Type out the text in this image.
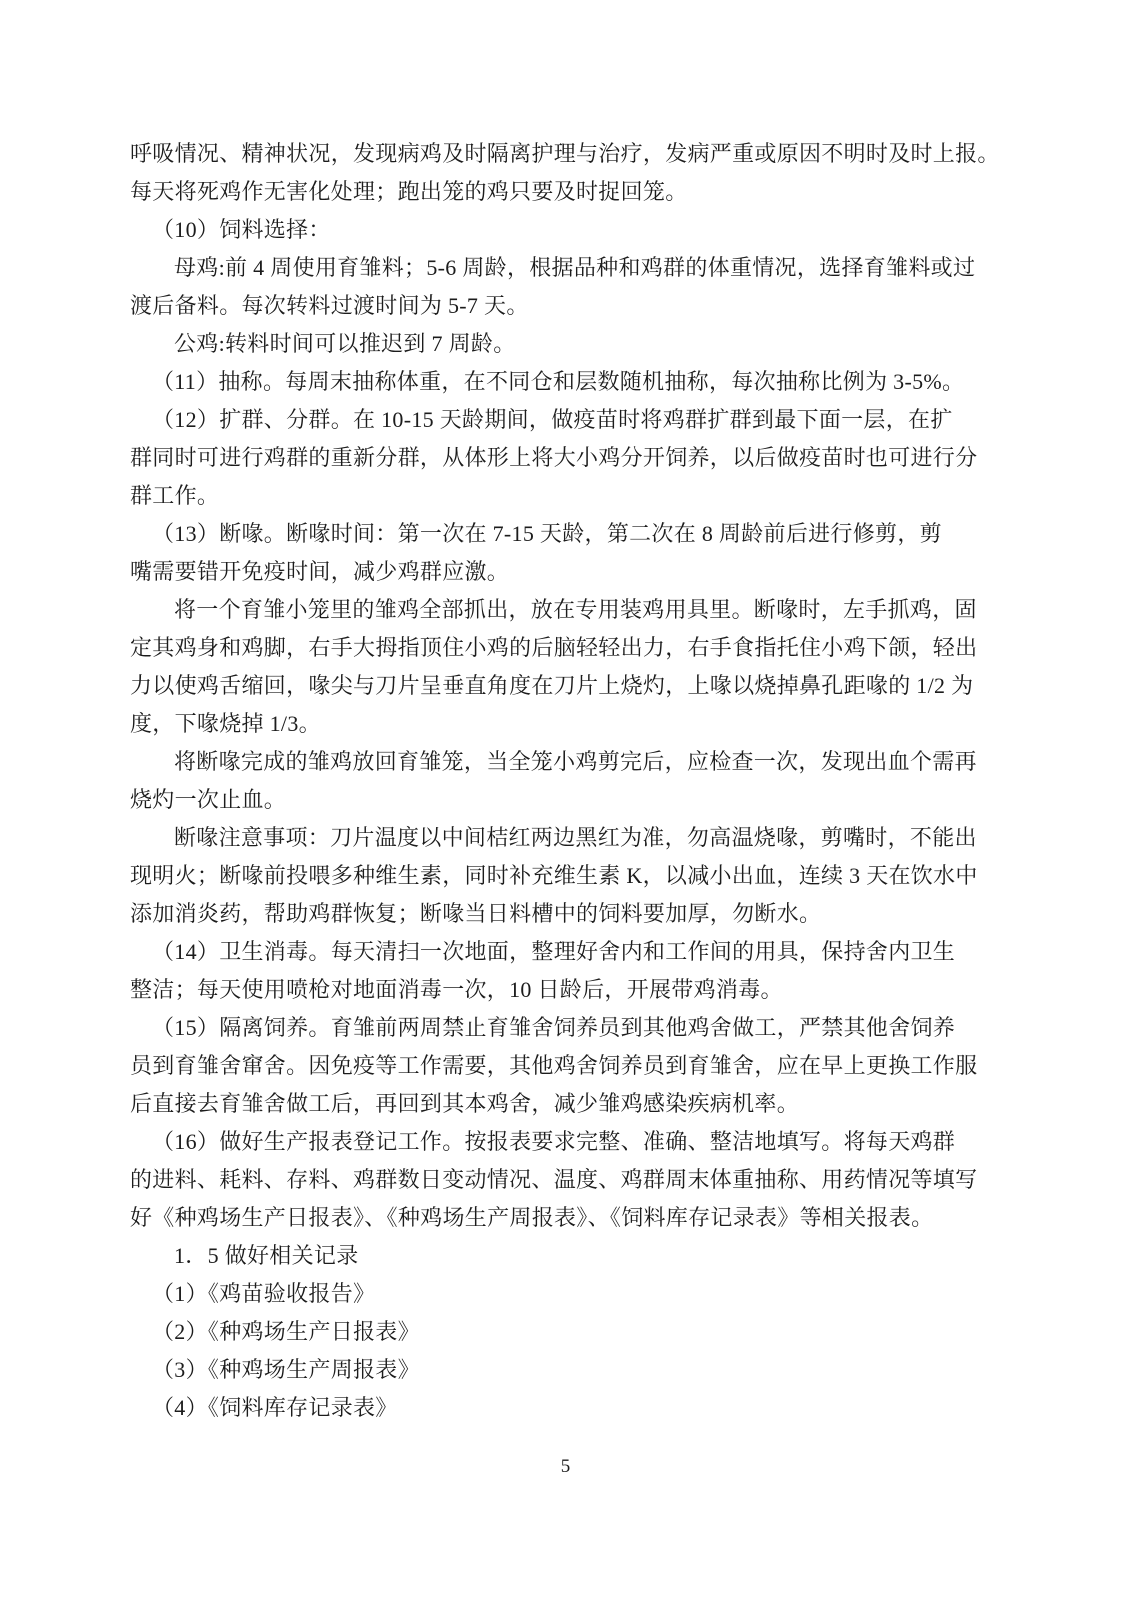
呼吸情况、精神状况，发现病鸡及时隔离护理与治疗，发病严重或原因不明时及时上报。
每天将死鸡作无害化处理；跑出笼的鸡只要及时捉回笼。
（10）饲料选择：
母鸡:前 4 周使用育雏料；5-6 周龄，根据品种和鸡群的体重情况，选择育雏料或过
渡后备料。每次转料过渡时间为 5-7 天。
公鸡:转料时间可以推迟到 7 周龄。
（11）抽称。每周末抽称体重，在不同仓和层数随机抽称，每次抽称比例为 3-5%。
（12）扩群、分群。在 10-15 天龄期间，做疫苗时将鸡群扩群到最下面一层，在扩
群同时可进行鸡群的重新分群，从体形上将大小鸡分开饲养，以后做疫苗时也可进行分
群工作。
（13）断喙。断喙时间：第一次在 7-15 天龄，第二次在 8 周龄前后进行修剪，剪
嘴需要错开免疫时间，减少鸡群应激。
将一个育雏小笼里的雏鸡全部抓出，放在专用装鸡用具里。断喙时，左手抓鸡，固
定其鸡身和鸡脚，右手大拇指顶住小鸡的后脑轻轻出力，右手食指托住小鸡下颌，轻出
力以使鸡舌缩回，喙尖与刀片呈垂直角度在刀片上烧灼，上喙以烧掉鼻孔距喙的 1/2 为
度，下喙烧掉 1/3。
将断喙完成的雏鸡放回育雏笼，当全笼小鸡剪完后，应检查一次，发现出血个需再
烧灼一次止血。
断喙注意事项：刀片温度以中间桔红两边黑红为准，勿高温烧喙，剪嘴时，不能出
现明火；断喙前投喂多种维生素，同时补充维生素 K，以减小出血，连续 3 天在饮水中
添加消炎药，帮助鸡群恢复；断喙当日料槽中的饲料要加厚，勿断水。
（14）卫生消毒。每天清扫一次地面，整理好舍内和工作间的用具，保持舍内卫生
整洁；每天使用喷枪对地面消毒一次，10 日龄后，开展带鸡消毒。
（15）隔离饲养。育雏前两周禁止育雏舍饲养员到其他鸡舍做工，严禁其他舍饲养
员到育雏舍窜舍。因免疫等工作需要，其他鸡舍饲养员到育雏舍，应在早上更换工作服
后直接去育雏舍做工后，再回到其本鸡舍，减少雏鸡感染疾病机率。
（16）做好生产报表登记工作。按报表要求完整、准确、整洁地填写。将每天鸡群
的进料、耗料、存料、鸡群数日变动情况、温度、鸡群周末体重抽称、用药情况等填写
好《种鸡场生产日报表》、《种鸡场生产周报表》、《饲料库存记录表》等相关报表。
1．5 做好相关记录
（1）《鸡苗验收报告》
（2）《种鸡场生产日报表》
（3）《种鸡场生产周报表》
（4）《饲料库存记录表》
5
